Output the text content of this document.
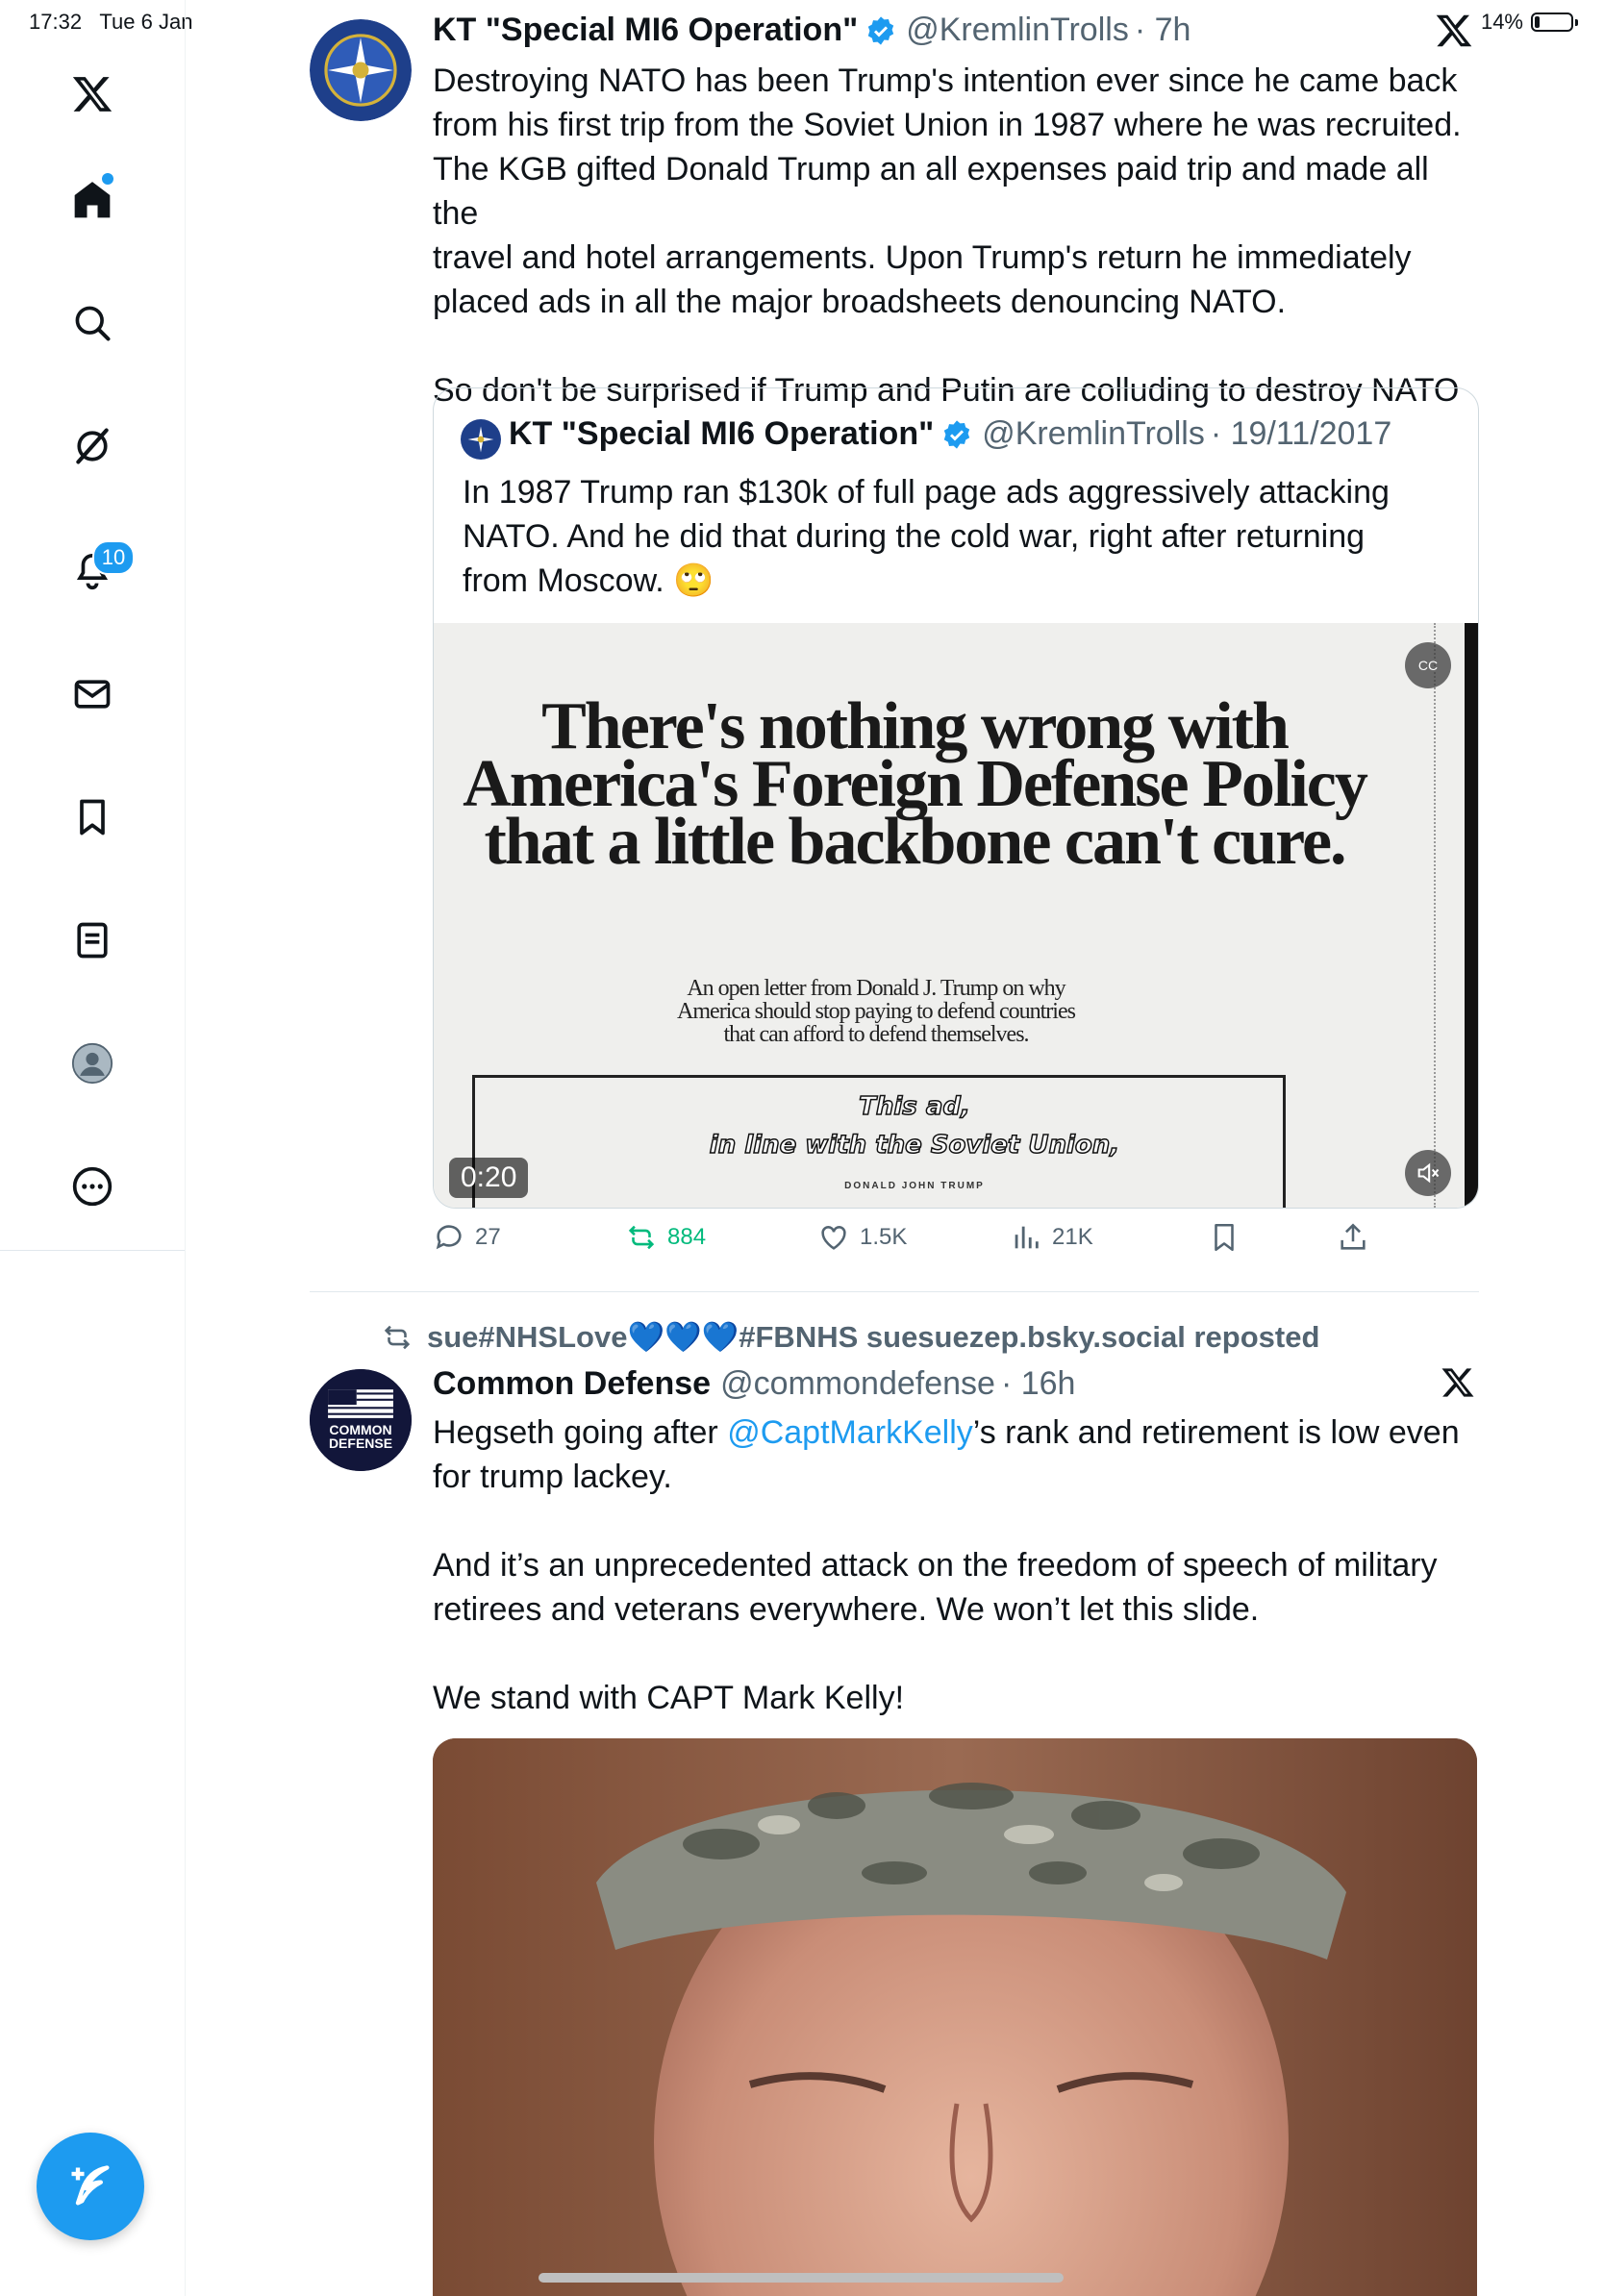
17:32 Tue 6 Jan	14%
10
KT "Special MI6 Operation" @KremlinTrolls · 7h
Destroying NATO has been Trump's intention ever since he came back
from his first trip from the Soviet Union in 1987 where he was recruited.
The KGB gifted Donald Trump an all expenses paid trip and made all the
travel and hotel arrangements. Upon Trump's return he immediately
placed ads in all the major broadsheets denouncing NATO.

So don't be surprised if Trump and Putin are colluding to destroy NATO
KT "Special MI6 Operation" @KremlinTrolls · 19/11/2017
In 1987 Trump ran $130k of full page ads aggressively attacking
NATO. And he did that during the cold war, right after returning
from Moscow. 🙄
There's nothing wrong with
America's Foreign Defense Policy
that a little backbone can't cure.
An open letter from Donald J. Trump on why
America should stop paying to defend countries
that can afford to defend themselves.
This ad,
in line with the Soviet Union,
DONALD JOHN TRUMP
0:20
CC
27	884	1.5K	21K
sue#NHSLove💙💙💙#FBNHS suesuezep.bsky.social reposted
COMMON DEFENSE
Common Defense @commondefense · 16h
Hegseth going after @CaptMarkKelly’s rank and retirement is low even
for trump lackey.

And it’s an unprecedented attack on the freedom of speech of military
retirees and veterans everywhere. We won’t let this slide.

We stand with CAPT Mark Kelly!
